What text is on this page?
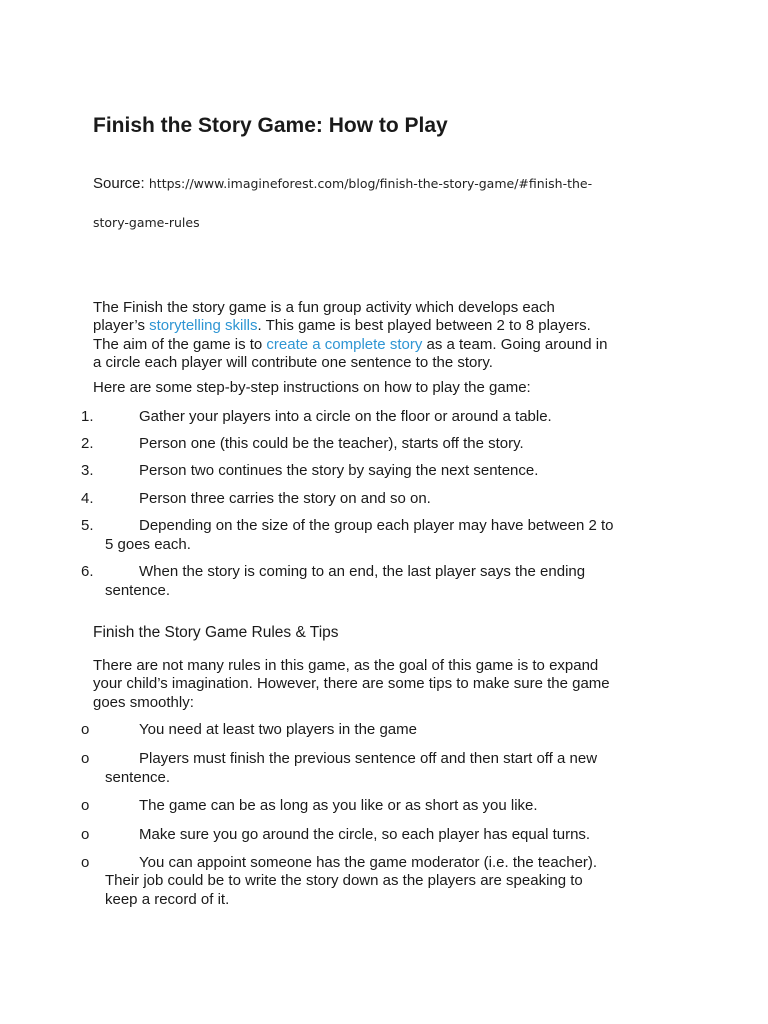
Finish the Story Game: How to Play
Source: https://www.imagineforest.com/blog/finish-the-story-game/#finish-the-
story-game-rules
The Finish the story game is a fun group activity which develops each
player’s storytelling skills. This game is best played between 2 to 8 players.
The aim of the game is to create a complete story as a team. Going around in
a circle each player will contribute one sentence to the story.
Here are some step-by-step instructions on how to play the game:
1.	Gather your players into a circle on the floor or around a table.
2.	Person one (this could be the teacher), starts off the story.
3.	Person two continues the story by saying the next sentence.
4.	Person three carries the story on and so on.
5.	Depending on the size of the group each player may have between 2 to
5 goes each.
6.	When the story is coming to an end, the last player says the ending
sentence.
Finish the Story Game Rules & Tips
There are not many rules in this game, as the goal of this game is to expand
your child’s imagination. However, there are some tips to make sure the game
goes smoothly:
o	You need at least two players in the game
o	Players must finish the previous sentence off and then start off a new
sentence.
o	The game can be as long as you like or as short as you like.
o	Make sure you go around the circle, so each player has equal turns.
o	You can appoint someone has the game moderator (i.e. the teacher).
Their job could be to write the story down as the players are speaking to
keep a record of it.
